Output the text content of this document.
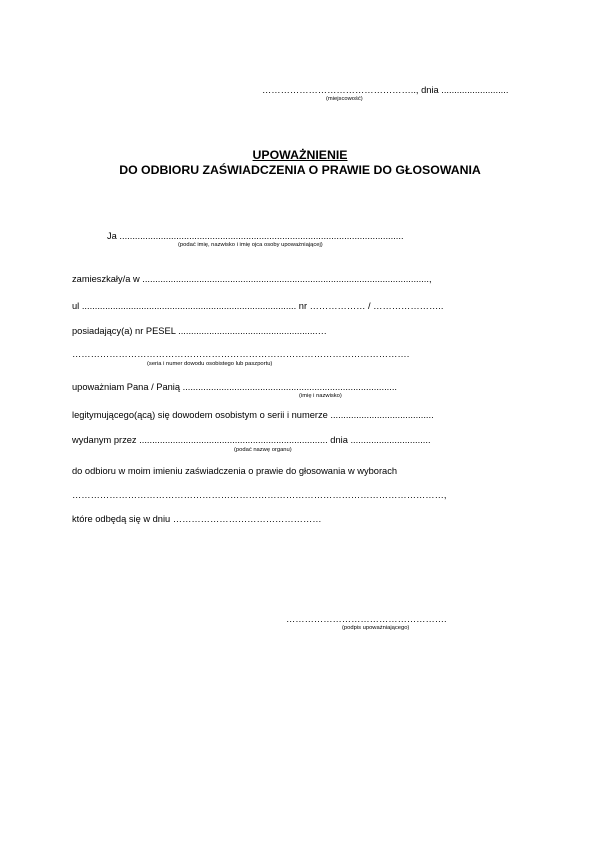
………………………………………….., dnia ..........................
(miejscowość)
UPOWAŻNIENIE
DO ODBIORU ZAŚWIADCZENIA O PRAWIE DO GŁOSOWANIA
Ja ..............................................................................................................
(podać imię, nazwisko i imię ojca osoby upoważniającej)
zamieszkały/a w ...............................................................................................................,
ul ................................................................................... nr ……………… / …………………..
posiadający(a) nr PESEL ......................................................…
……………………………………………………………………………………………….
(seria i numer dowodu osobistego lub paszportu)
upoważniam Pana / Panią ...................................................................................
(imię i nazwisko)
legitymującego(ącą) się dowodem osobistym o serii i numerze ........................................
wydanym przez ......................................................................... dnia ...............................
(podać nazwę organu)
do odbioru w moim imieniu zaświadczenia o prawie do głosowania w wyborach
…………………………………………………………………………………………………………,
które odbędą się w dniu …………………………………………
…………………………………………….
(podpis upoważniającego)
